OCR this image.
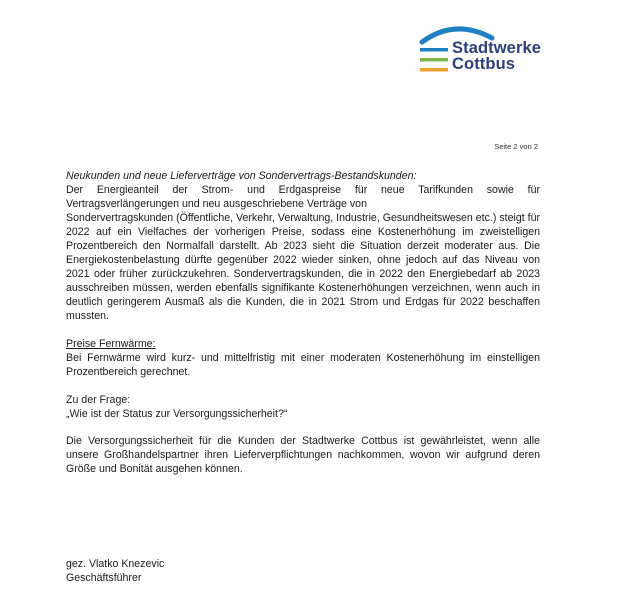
Stadtwerke
Cottbus
Seite 2 von 2

Neukunden und neue Lieferverträge von Sondervertrags-Bestandskunden:

Der Energieanteil der Strom- und Erdgaspreise für neue Tarifkunden sowie für Vertragsverlängerungen und neu ausgeschriebene Verträge von

Sondervertragskunden (Öffentliche, Verkehr, Verwaltung, Industrie, Gesundheitswesen etc.) steigt für 2022 auf ein Vielfaches der vorherigen Preise, sodass eine Kostenerhöhung im zweistelligen Prozentbereich den Normalfall darstellt. Ab 2023 sieht die Situation derzeit moderater aus. Die Energiekostenbelastung dürfte gegenüber 2022 wieder sinken, ohne jedoch auf das Niveau von 2021 oder früher zurückzukehren. Sondervertragskunden, die in 2022 den Energiebedarf ab 2023 ausschreiben müssen, werden ebenfalls signifikante Kostenerhöhungen verzeichnen, wenn auch in deutlich geringerem Ausmaß als die Kunden, die in 2021 Strom und Erdgas für 2022 beschaffen mussten.

Preise Fernwärme:

Bei Fernwärme wird kurz- und mittelfristig mit einer moderaten Kostenerhöhung im einstelligen Prozentbereich gerechnet.

Zu der Frage:

„Wie ist der Status zur Versorgungssicherheit?“

Die Versorgungssicherheit für die Kunden der Stadtwerke Cottbus ist gewährleistet, wenn alle unsere Großhandelspartner ihren Lieferverpflichtungen nachkommen, wovon wir aufgrund deren Größe und Bonität ausgehen können.

gez. Vlatko Knezevic
Geschäftsführer
